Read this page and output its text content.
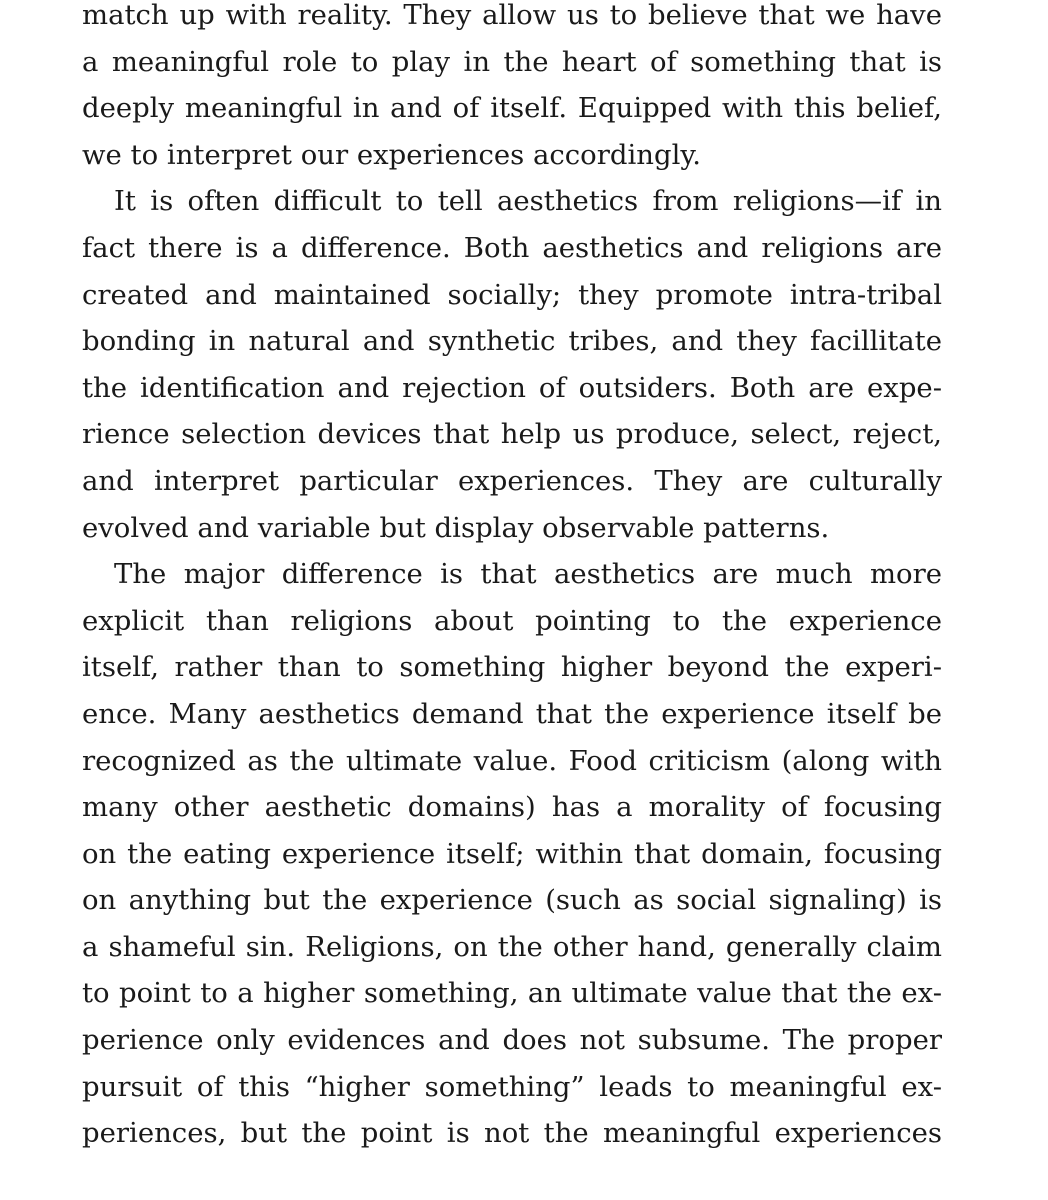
match up with reality. They allow us to believe that we have
a meaningful role to play in the heart of something that is
deeply meaningful in and of itself. Equipped with this belief,
we to interpret our experiences accordingly.
It is often difficult to tell aesthetics from religions—if in
fact there is a difference. Both aesthetics and religions are
created and maintained socially; they promote intra-tribal
bonding in natural and synthetic tribes, and they facillitate
the identification and rejection of outsiders. Both are expe-
rience selection devices that help us produce, select, reject,
and interpret particular experiences. They are culturally
evolved and variable but display observable patterns.
The major difference is that aesthetics are much more
explicit than religions about pointing to the experience
itself, rather than to something higher beyond the experi-
ence. Many aesthetics demand that the experience itself be
recognized as the ultimate value. Food criticism (along with
many other aesthetic domains) has a morality of focusing
on the eating experience itself; within that domain, focusing
on anything but the experience (such as social signaling) is
a shameful sin. Religions, on the other hand, generally claim
to point to a higher something, an ultimate value that the ex-
perience only evidences and does not subsume. The proper
pursuit of this “higher something” leads to meaningful ex-
periences, but the point is not the meaningful experiences
